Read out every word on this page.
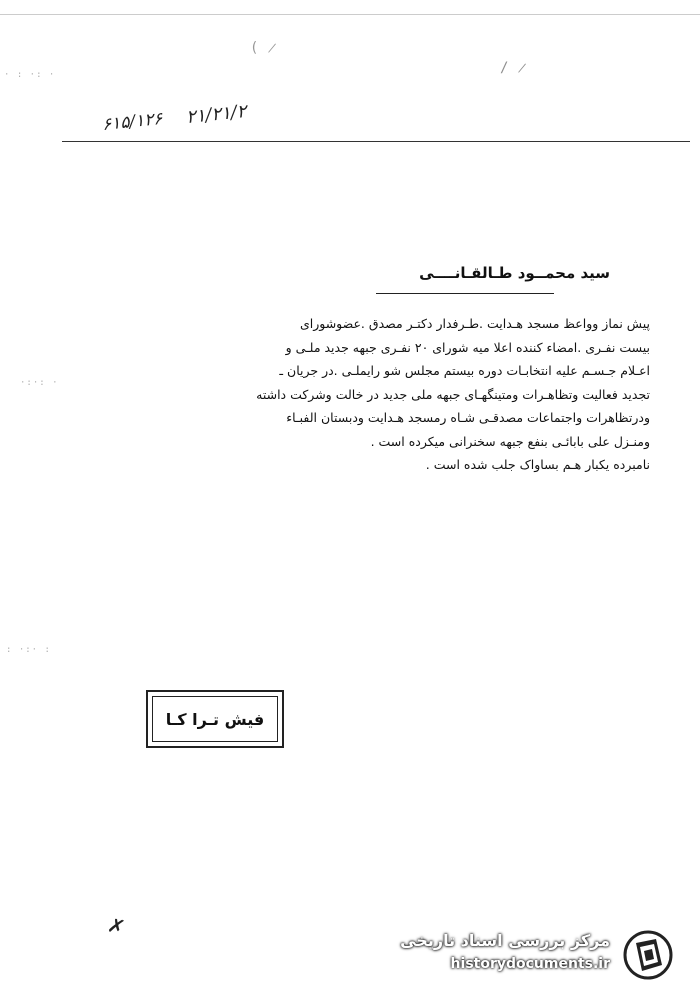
· : ·: ·
·:·: ·
: ·:· :
/ ̷
( ̷
۶۱۵/۱۲۶ ۲۱/۲۱/۲
سید محمــود طـالقـانــــی

پیش نماز وواعظ مسجد هـدایت .طـرفدار دکتـر مصدق .عضوشورای

بیست نفـری .امضاء کننده اعلا میه شورای ۲۰ نفـری جبهه جدید ملـی و

اعـلام جـسـم علیه انتخابـات دوره بیستم مجلس شو رایملـی .در جریان ـ

تجدید فعالیت وتظاهـرات ومتینگهـای جبهه ملی جدید در خالت وشرکت داشته

ودرتظاهرات واجتماعات مصدقـی شـاه رمسجد هـدایت ودبستان الفبـاء

ومنـزل علی بابائـی بنفع جبهه سخنرانی میکرده است .

نامبرده یکبار هـم بساواک جلب شده است .

فیش تـرا کـا
✗
مرکز بررسی اسناد تاریخی
historydocuments.ir
